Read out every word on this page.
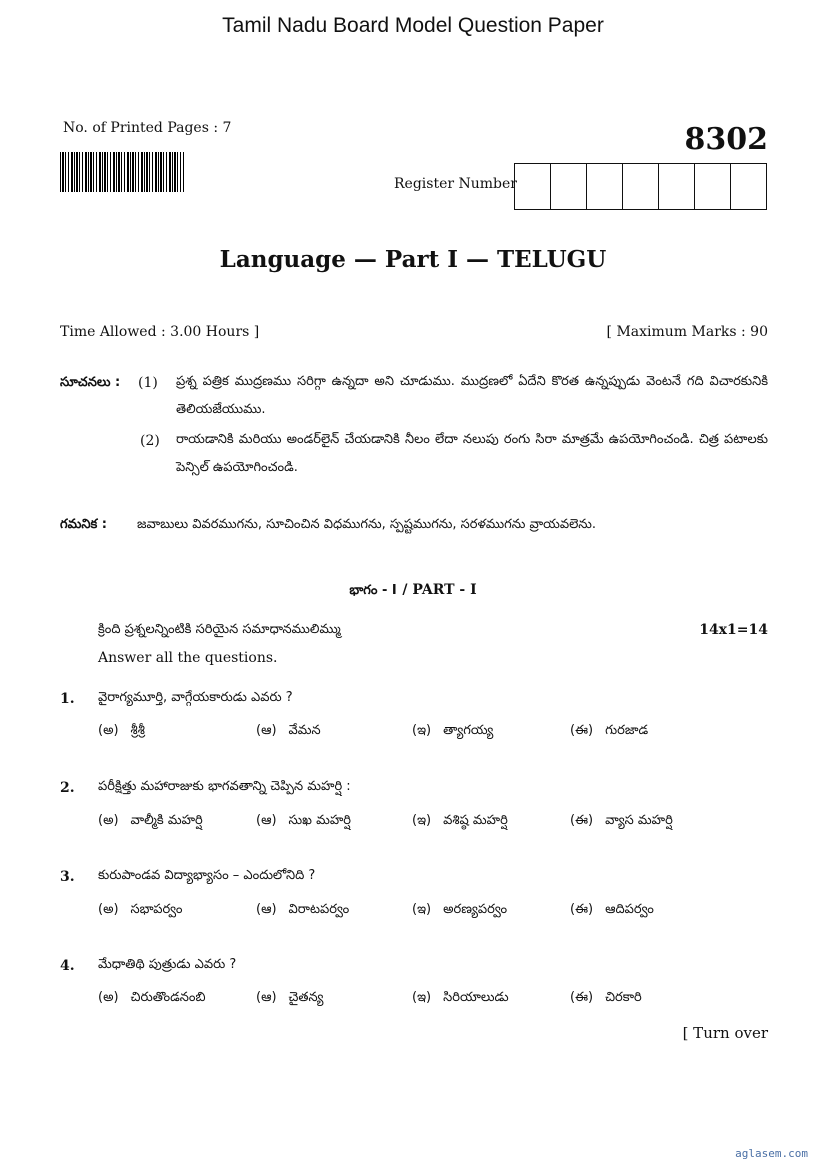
Tamil Nadu Board Model Question Paper
No. of Printed Pages : 7	8302
Register Number
Language — Part I — TELUGU
Time Allowed : 3.00 Hours ]	[ Maximum Marks : 90
సూచనలు : (1) ప్రశ్న పత్రిక ముద్రణము సరిగ్గా ఉన్నదా అని చూడుము. ముద్రణలో ఏదేని కొరత ఉన్నప్పుడు వెంటనే గది విచారకునికి తెలియజేయుము.
(2) రాయడానికి మరియు అండర్‌లైన్ చేయడానికి నీలం లేదా నలుపు రంగు సిరా మాత్రమే ఉపయోగించండి. చిత్ర పటాలకు పెన్సిల్ ఉపయోగించండి.
గమనిక : జవాబులు వివరముగను, సూచించిన విధముగను, స్పష్టముగను, సరళముగను వ్రాయవలెను.
భాగం - I / PART - I
క్రింది ప్రశ్నలన్నింటికి సరియైన సమాధానములిమ్ము
Answer all the questions.
14x1=14
1. వైరాగ్యమూర్తి, వాగ్గేయకారుడు ఎవరు ?
(అ) శ్రీశ్రీ	(ఆ) వేమన	(ఇ) త్యాగయ్య	(ఈ) గురజాడ
2. పరీక్షిత్తు మహారాజుకు భాగవతాన్ని చెప్పిన మహర్షి :
(అ) వాల్మీకి మహర్షి	(ఆ) సుఖ మహర్షి	(ఇ) వశిష్ఠ మహర్షి	(ఈ) వ్యాస మహర్షి
3. కురుపాండవ విద్యాభ్యాసం – ఎందులోనిది ?
(అ) సభాపర్వం	(ఆ) విరాటపర్వం	(ఇ) అరణ్యపర్వం	(ఈ) ఆదిపర్వం
4. మేధాతిథి పుత్రుడు ఎవరు ?
(అ) చిరుతొండనంబి	(ఆ) చైతన్య	(ఇ) సిరియాలుడు	(ఈ) చిరకారి
[ Turn over
aglasem.com
